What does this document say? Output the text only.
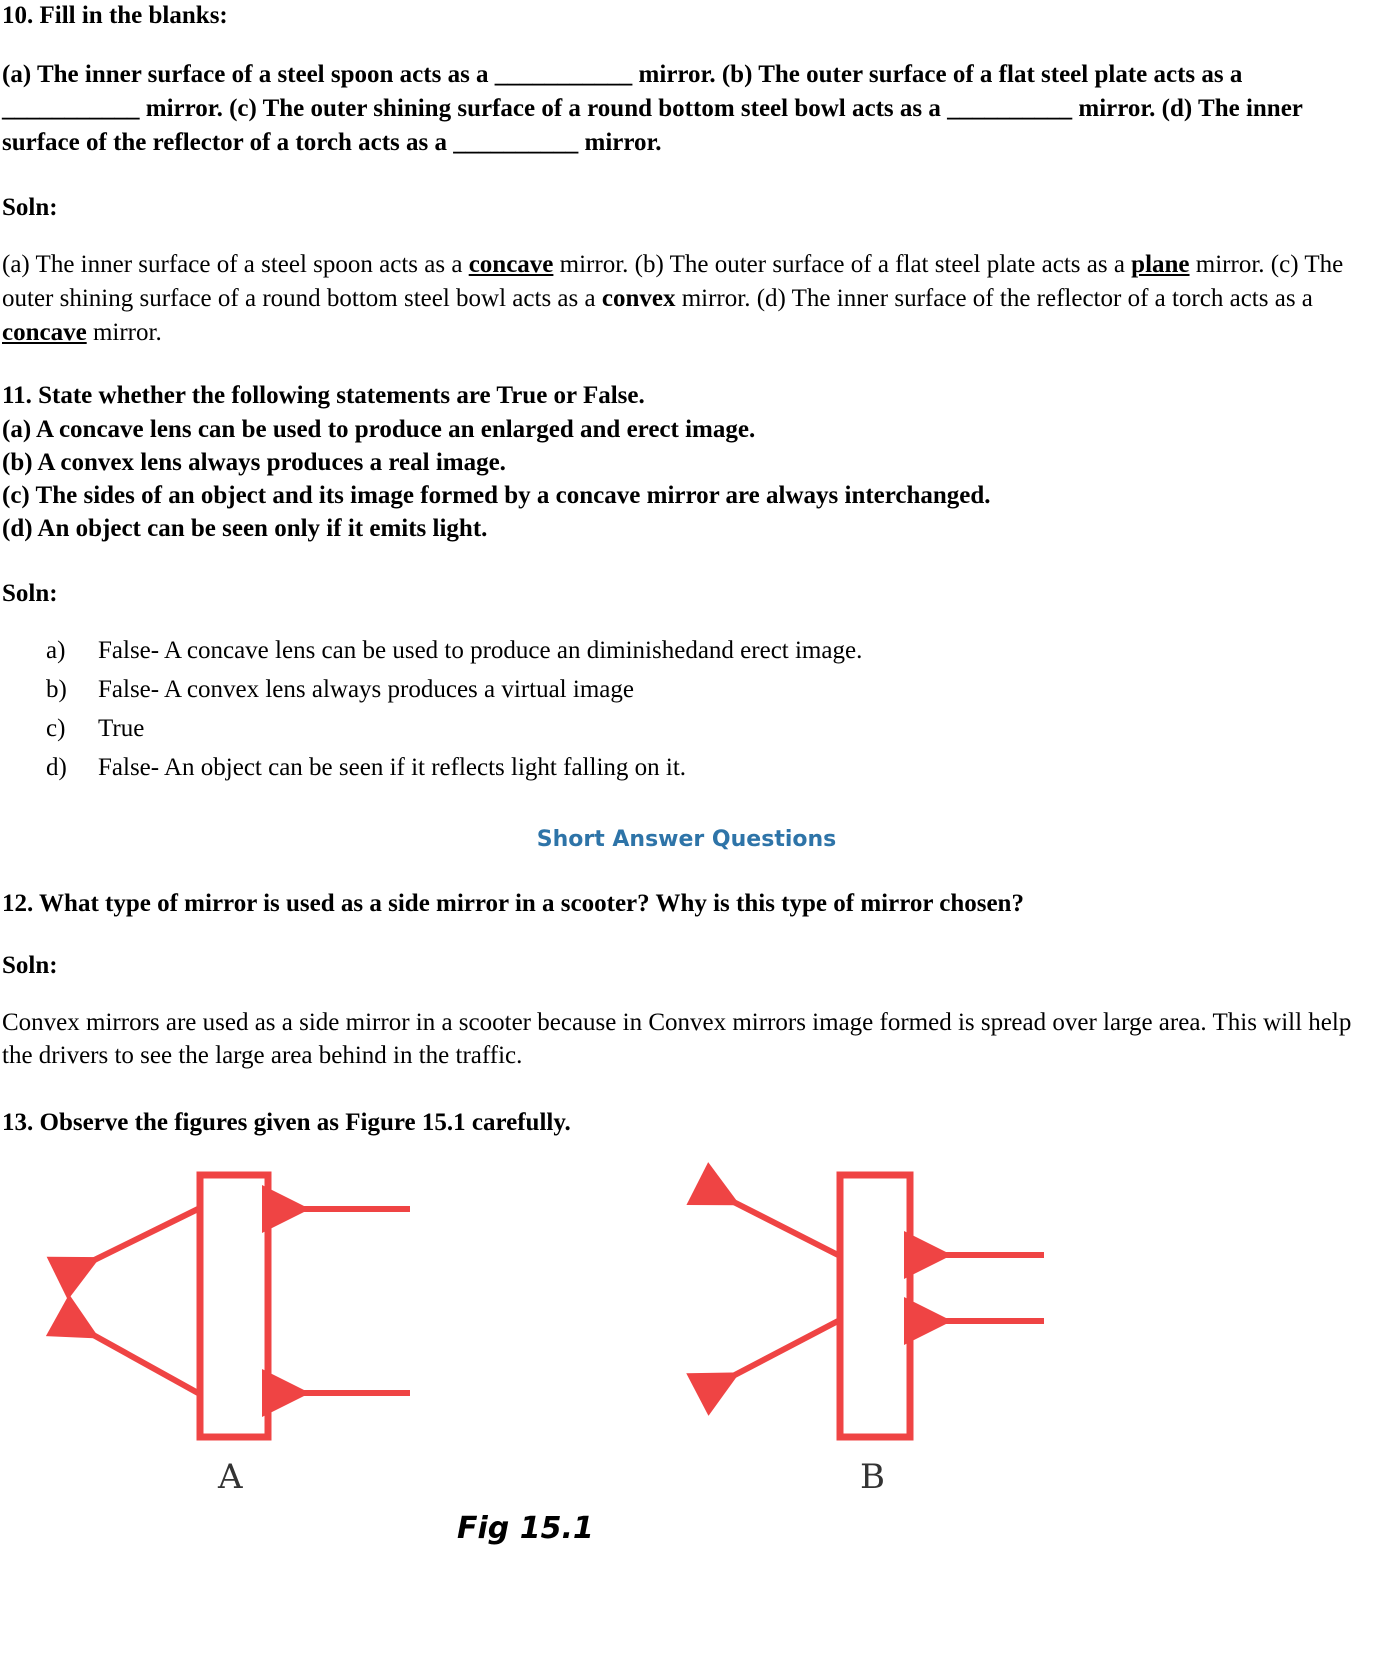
10. Fill in the blanks:
(a) The inner surface of a steel spoon acts as a ___________ mirror. (b) The outer surface of a flat steel plate acts as a ___________ mirror. (c) The outer shining surface of a round bottom steel bowl acts as a __________ mirror. (d) The inner surface of the reflector of a torch acts as a __________ mirror.
Soln:
(a) The inner surface of a steel spoon acts as a concave mirror. (b) The outer surface of a flat steel plate acts as a plane mirror. (c) The outer shining surface of a round bottom steel bowl acts as a convex mirror. (d) The inner surface of the reflector of a torch acts as a concave mirror.
11. State whether the following statements are True or False.
(a) A concave lens can be used to produce an enlarged and erect image.
(b) A convex lens always produces a real image.
(c) The sides of an object and its image formed by a concave mirror are always interchanged.
(d) An object can be seen only if it emits light.
Soln:
a)	False- A concave lens can be used to produce an diminishedand erect image.
b)	False- A convex lens always produces a virtual image
c)	True
d)	False- An object can be seen if it reflects light falling on it.
Short Answer Questions
12. What type of mirror is used as a side mirror in a scooter? Why is this type of mirror chosen?
Soln:
Convex mirrors are used as a side mirror in a scooter because in Convex mirrors image formed is spread over large area. This will help the drivers to see the large area behind in the traffic.
13. Observe the figures given as Figure 15.1 carefully.
A	B
Fig 15.1
